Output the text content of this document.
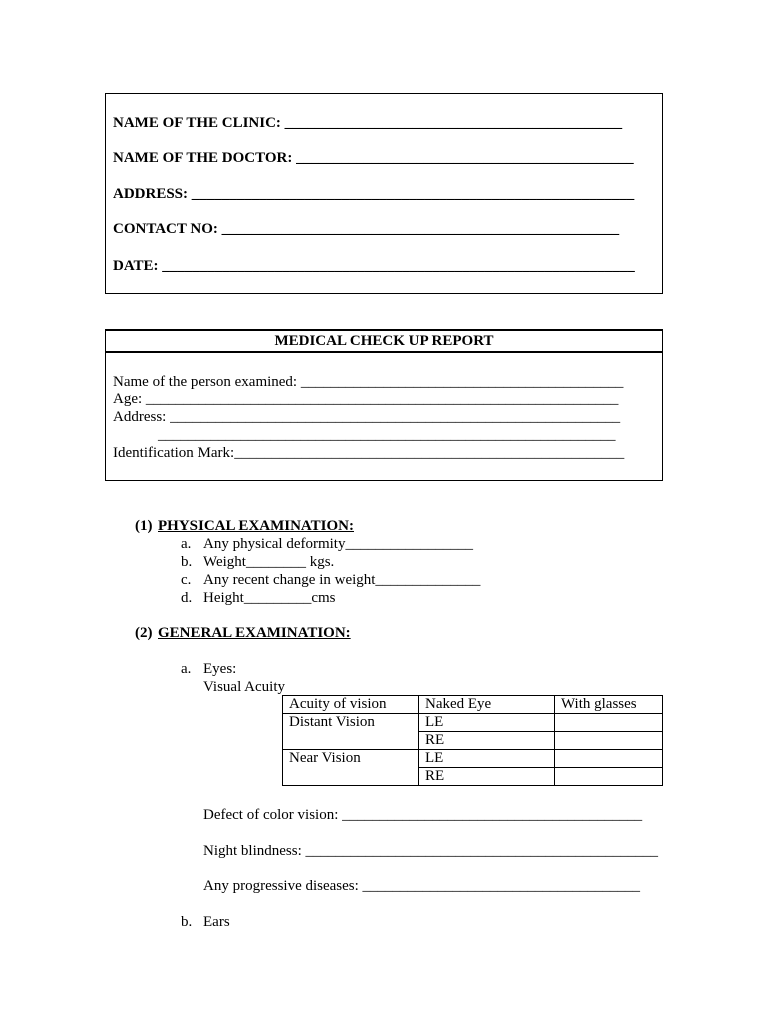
NAME OF THE CLINIC: _____________________________________________
NAME OF THE DOCTOR: _____________________________________________
ADDRESS: ___________________________________________________________
CONTACT NO: _____________________________________________________
DATE: _______________________________________________________________
MEDICAL CHECK UP REPORT
Name of the person examined: ___________________________________________
Age: _______________________________________________________________
Address: ____________________________________________________________
_____________________________________________________________
Identification Mark:____________________________________________________
(1) PHYSICAL EXAMINATION:
a. Any physical deformity_________________
b. Weight________ kgs.
c. Any recent change in weight______________
d. Height_________cms
(2) GENERAL EXAMINATION:
a. Eyes:
Visual Acuity
Acuity of vision	Naked Eye	With glasses
Distant Vision	LE	
	RE	
Near Vision	LE	
	RE	
Defect of color vision: ________________________________________
Night blindness: _______________________________________________
Any progressive diseases: _____________________________________
b. Ears
